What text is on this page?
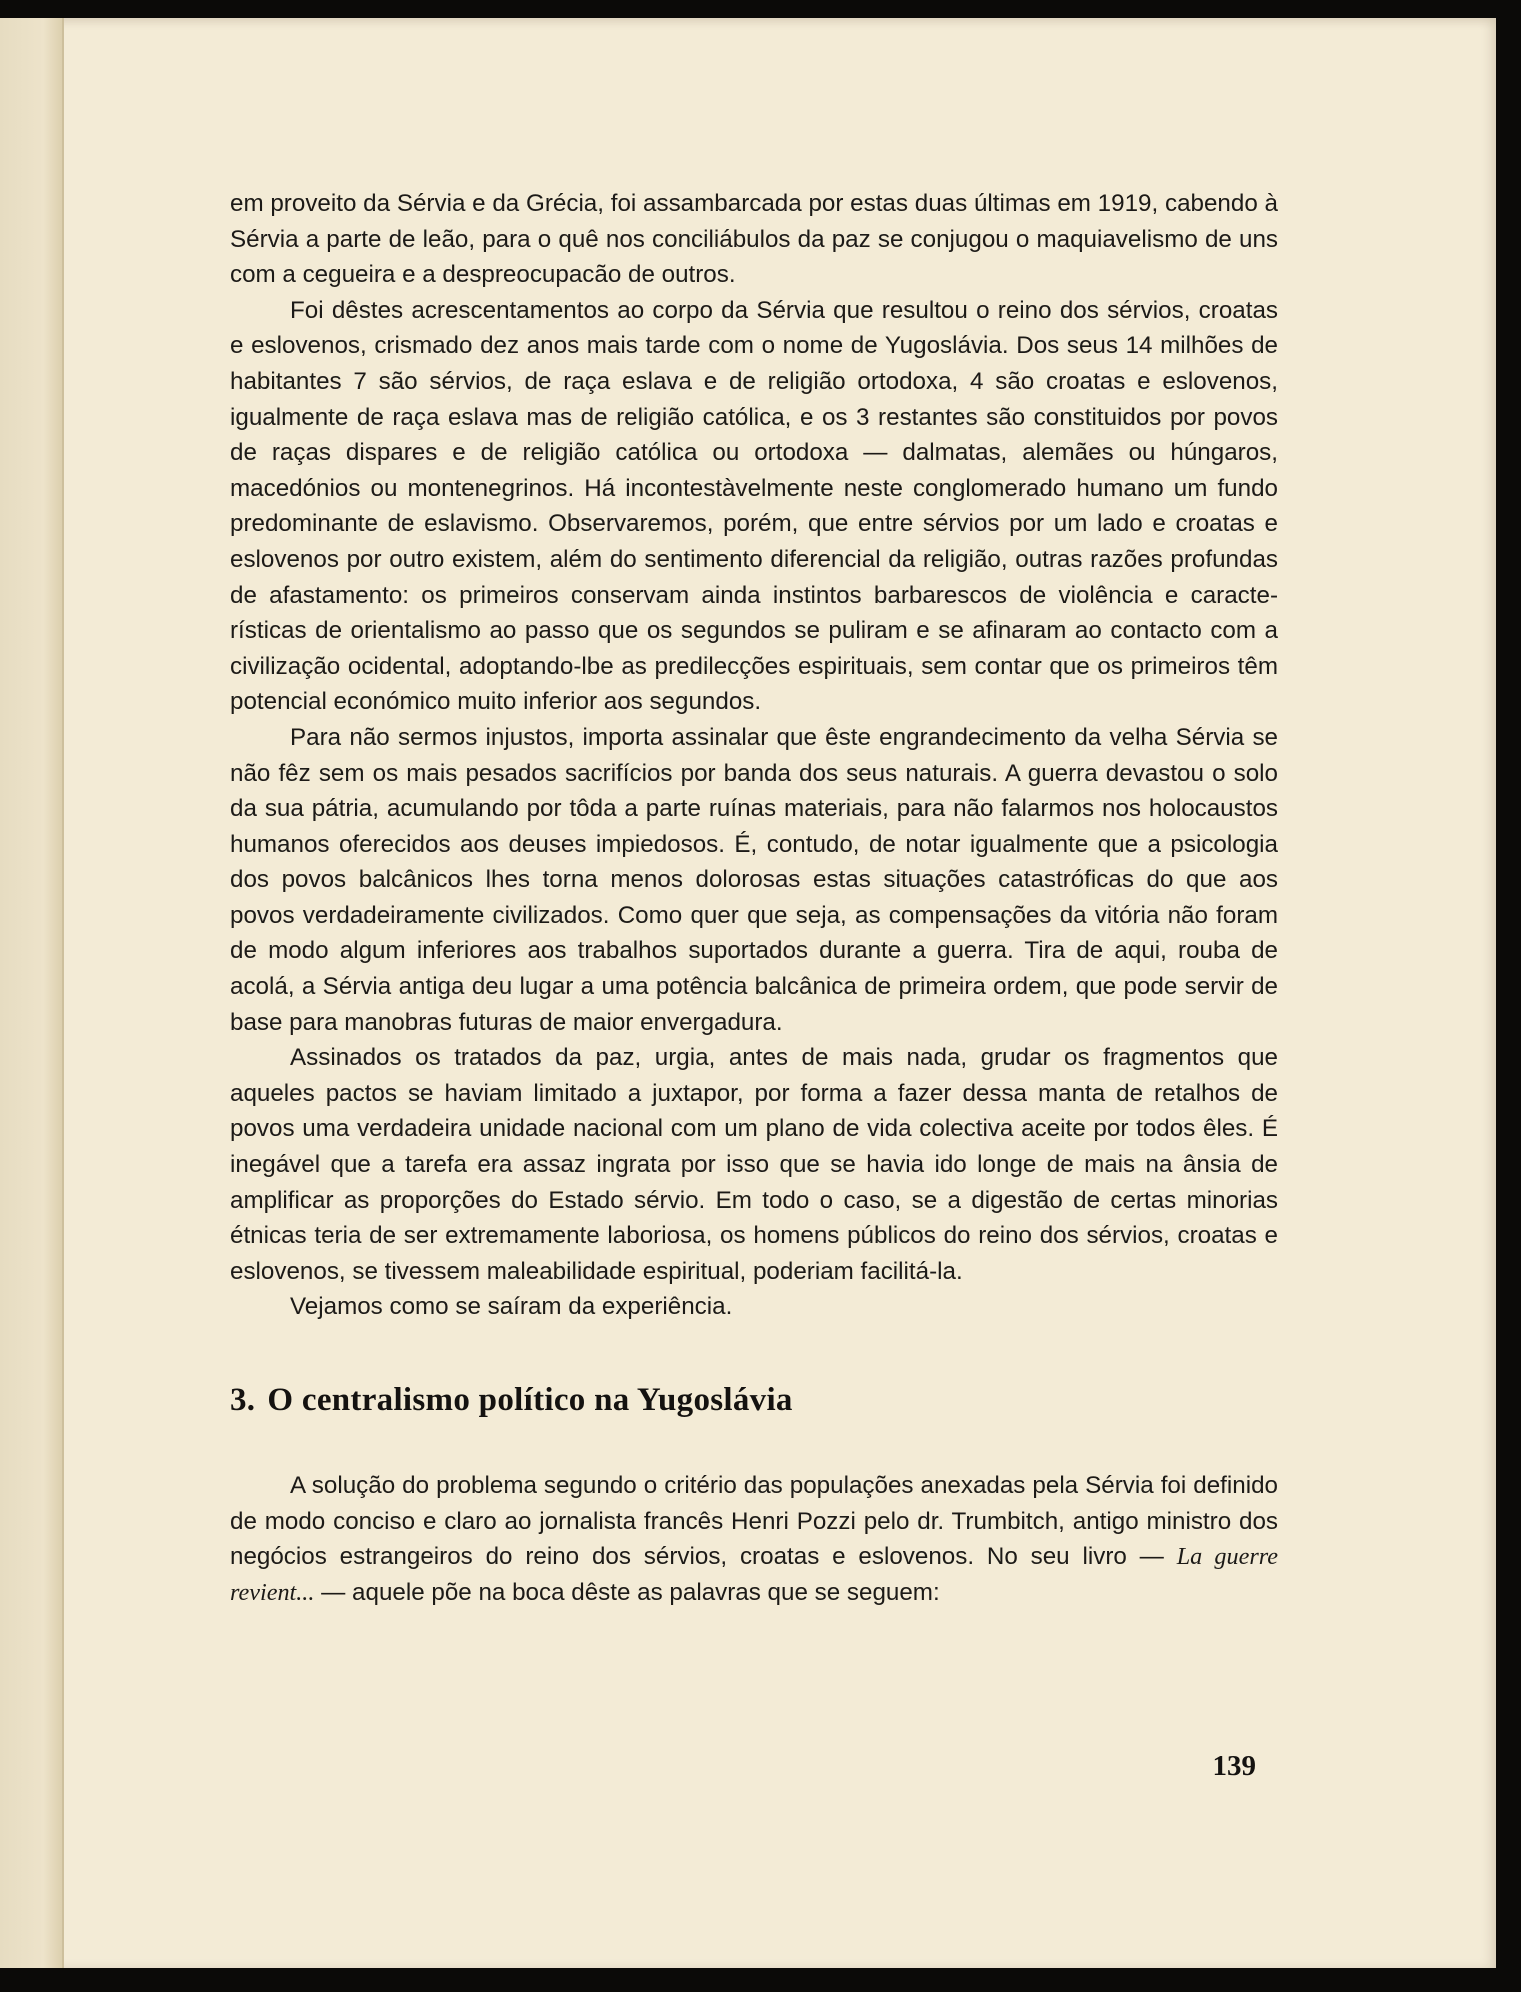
em proveito da Sérvia e da Grécia, foi assambarcada por estas duas últimas em 1919, cabendo à Sérvia a parte de leão, para o quê nos conciliábulos da paz se conjugou o maquiavelismo de uns com a cegueira e a despreocupacão de outros.

Foi dêstes acrescentamentos ao corpo da Sérvia que resultou o reino dos sérvios, croatas e eslovenos, crismado dez anos mais tarde com o nome de Yugoslávia. Dos seus 14 milhões de habitantes 7 são sérvios, de raça eslava e de religião ortodoxa, 4 são croatas e eslovenos, igualmente de raça eslava mas de religião católica, e os 3 restantes são constituidos por povos de raças dispares e de religião católica ou ortodoxa — dalmatas, alemães ou húngaros, macedónios ou montenegrinos. Há incontestàvelmente neste conglomerado humano um fundo predominante de eslavismo. Observaremos, porém, que entre sérvios por um lado e croatas e eslovenos por outro existem, além do sentimento diferencial da religião, outras razões profundas de afastamento: os primeiros conservam ainda instintos barbarescos de violência e características de orientalismo ao passo que os segundos se puliram e se afinaram ao contacto com a civilização ocidental, adoptando-lbe as predilecções espirituais, sem contar que os primeiros têm potencial económico muito inferior aos segundos.

Para não sermos injustos, importa assinalar que êste engrandecimento da velha Sérvia se não fêz sem os mais pesados sacrifícios por banda dos seus naturais. A guerra devastou o solo da sua pátria, acumulando por tôda a parte ruínas materiais, para não falarmos nos holocaustos humanos oferecidos aos deuses impiedosos. É, contudo, de notar igualmente que a psicologia dos povos balcânicos lhes torna menos dolorosas estas situações catastróficas do que aos povos verdadeiramente civilizados. Como quer que seja, as compensações da vitória não foram de modo algum inferiores aos trabalhos suportados durante a guerra. Tira de aqui, rouba de acolá, a Sérvia antiga deu lugar a uma potência balcânica de primeira ordem, que pode servir de base para manobras futuras de maior envergadura.

Assinados os tratados da paz, urgia, antes de mais nada, grudar os fragmentos que aqueles pactos se haviam limitado a juxtapor, por forma a fazer dessa manta de retalhos de povos uma verdadeira unidade nacional com um plano de vida colectiva aceite por todos êles. É inegável que a tarefa era assaz ingrata por isso que se havia ido longe de mais na ânsia de amplificar as proporções do Estado sérvio. Em todo o caso, se a digestão de certas minorias étnicas teria de ser extremamente laboriosa, os homens públicos do reino dos sérvios, croatas e eslovenos, se tivessem maleabilidade espiritual, poderiam facilitá-la.

Vejamos como se saíram da experiência.

3. O centralismo político na Yugoslávia

A solução do problema segundo o critério das populações anexadas pela Sérvia foi definido de modo conciso e claro ao jornalista francês Henri Pozzi pelo dr. Trumbitch, antigo ministro dos negócios estrangeiros do reino dos sérvios, croatas e eslovenos. No seu livro — La guerre revient... — aquele põe na boca dêste as palavras que se seguem:

139
